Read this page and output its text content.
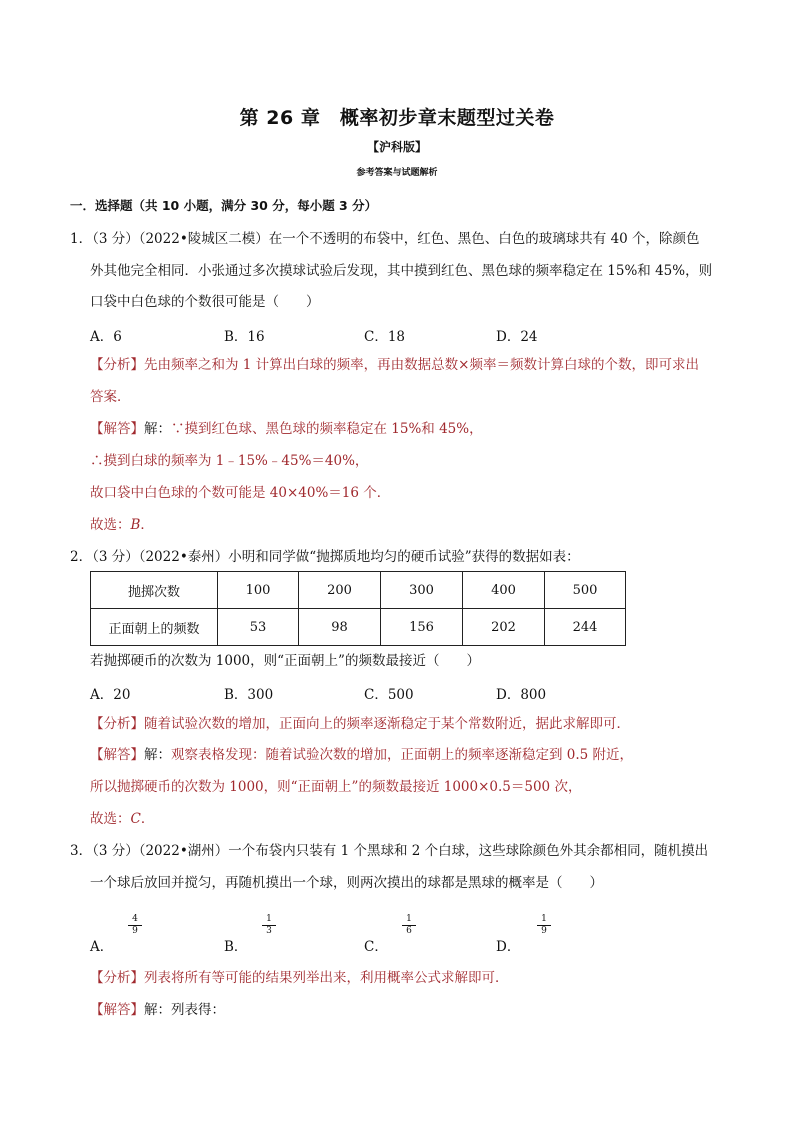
第 26 章　概率初步章末题型过关卷
【沪科版】
参考答案与试题解析
一．选择题（共 10 小题，满分 30 分，每小题 3 分）
1．（3 分）（2022•陵城区二模）在一个不透明的布袋中，红色、黑色、白色的玻璃球共有 40 个，除颜色
外其他完全相同．小张通过多次摸球试验后发现，其中摸到红色、黑色球的频率稳定在 15%和 45%，则
口袋中白色球的个数很可能是（　　）
A．6	B．16	C．18	D．24
【分析】先由频率之和为 1 计算出白球的频率，再由数据总数×频率＝频数计算白球的个数，即可求出
答案．
【解答】解：∵摸到红色球、黑色球的频率稳定在 15%和 45%，
∴摸到白球的频率为 1﹣15%﹣45%＝40%，
故口袋中白色球的个数可能是 40×40%＝16 个．
故选：B．
2．（3 分）（2022•泰州）小明和同学做“抛掷质地均匀的硬币试验”获得的数据如表：
抛掷次数	100	200	300	400	500
正面朝上的频数	53	98	156	202	244
若抛掷硬币的次数为 1000，则“正面朝上”的频数最接近（　　）
A．20	B．300	C．500	D．800
【分析】随着试验次数的增加，正面向上的频率逐渐稳定于某个常数附近，据此求解即可．
【解答】解：观察表格发现：随着试验次数的增加，正面朝上的频率逐渐稳定到 0.5 附近，
所以抛掷硬币的次数为 1000，则“正面朝上”的频数最接近 1000×0.5＝500 次，
故选：C．
3．（3 分）（2022•湖州）一个布袋内只装有 1 个黑球和 2 个白球，这些球除颜色外其余都相同，随机摸出
一个球后放回并搅匀，再随机摸出一个球，则两次摸出的球都是黑球的概率是（　　）
A．
$\frac{4}{9}$
B．
$\frac{1}{3}$
C．
$\frac{1}{6}$
D．
$\frac{1}{9}$
【分析】列表将所有等可能的结果列举出来，利用概率公式求解即可．
【解答】解：列表得：
